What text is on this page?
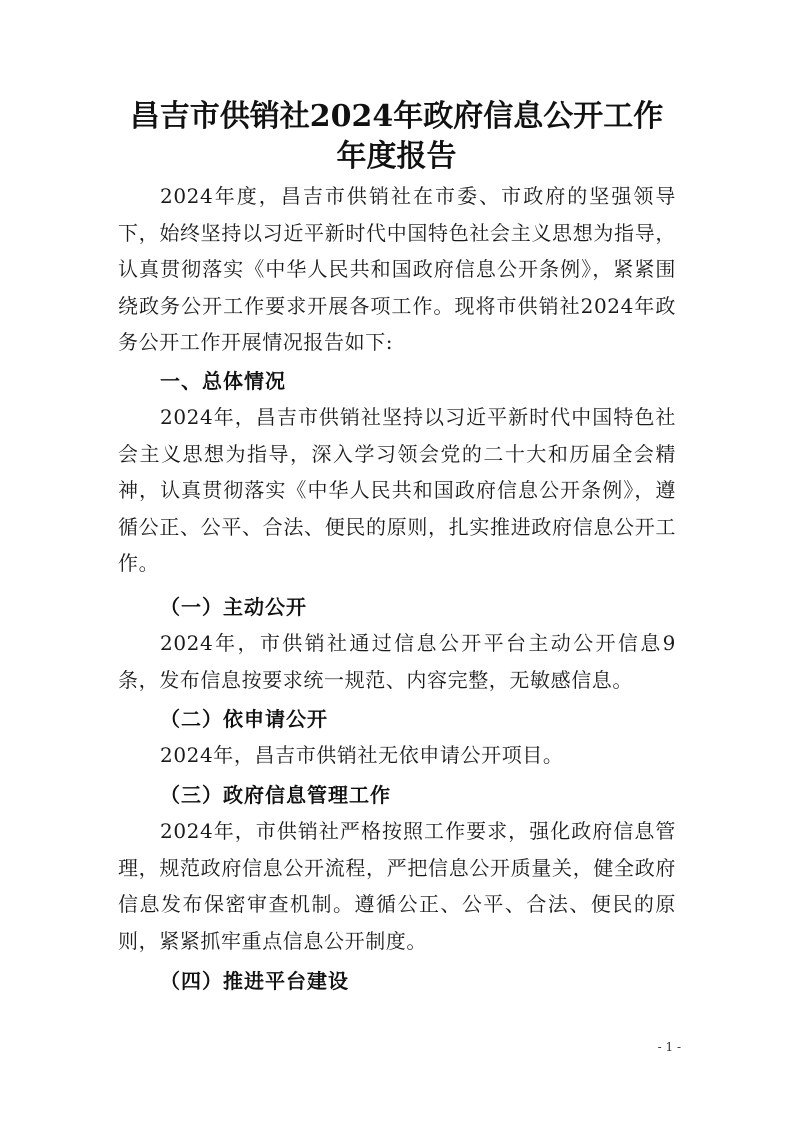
昌吉市供销社2024年政府信息公开工作
年度报告

2024年度，昌吉市供销社在市委、市政府的坚强领导下，始终坚持以习近平新时代中国特色社会主义思想为指导，认真贯彻落实《中华人民共和国政府信息公开条例》，紧紧围绕政务公开工作要求开展各项工作。现将市供销社2024年政务公开工作开展情况报告如下:

一、总体情况

2024年，昌吉市供销社坚持以习近平新时代中国特色社会主义思想为指导，深入学习领会党的二十大和历届全会精神，认真贯彻落实《中华人民共和国政府信息公开条例》，遵循公正、公平、合法、便民的原则，扎实推进政府信息公开工作。

（一）主动公开

2024年，市供销社通过信息公开平台主动公开信息9条，发布信息按要求统一规范、内容完整，无敏感信息。

（二）依申请公开

2024年，昌吉市供销社无依申请公开项目。

（三）政府信息管理工作

2024年，市供销社严格按照工作要求，强化政府信息管理，规范政府信息公开流程，严把信息公开质量关，健全政府信息发布保密审查机制。遵循公正、公平、合法、便民的原则，紧紧抓牢重点信息公开制度。

（四）推进平台建设
- 1 -
